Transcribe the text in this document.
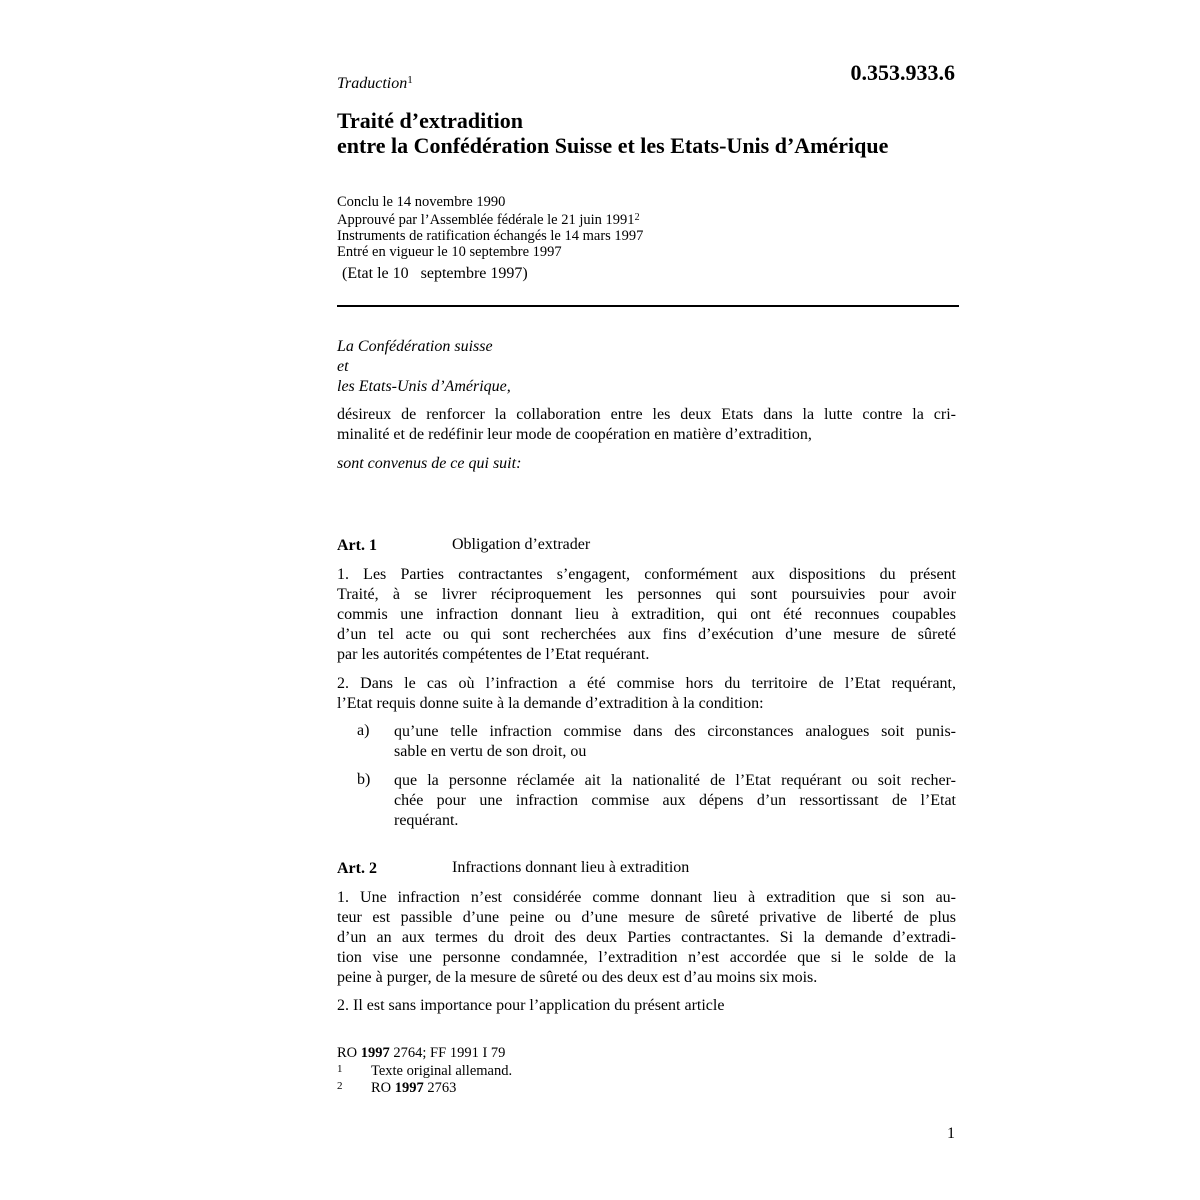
Traduction$^1$	0.353.933.6
Traité d’extradition
entre la Confédération Suisse et les Etats-Unis d’Amérique
Conclu le 14 novembre 1990
Approuvé par l’Assemblée fédérale le 21 juin 1991$^2$
Instruments de ratification échangés le 14 mars 1997
Entré en vigueur le 10 septembre 1997
(Etat le 10   septembre 1997)
La Confédération suisse
et
les Etats-Unis d’Amérique,
désireux de renforcer la collaboration entre les deux Etats dans la lutte contre la cri-
minalité et de redéfinir leur mode de coopération en matière d’extradition,
sont convenus de ce qui suit:
Art. 1	Obligation d’extrader
1. Les Parties contractantes s’engagent, conformément aux dispositions du présent
Traité, à se livrer réciproquement les personnes qui sont poursuivies pour avoir
commis une infraction donnant lieu à extradition, qui ont été reconnues coupables
d’un tel acte ou qui sont recherchées aux fins d’exécution d’une mesure de sûreté
par les autorités compétentes de l’Etat requérant.
2. Dans le cas où l’infraction a été commise hors du territoire de l’Etat requérant,
l’Etat requis donne suite à la demande d’extradition à la condition:
a) qu’une telle infraction commise dans des circonstances analogues soit punis-
sable en vertu de son droit, ou
b) que la personne réclamée ait la nationalité de l’Etat requérant ou soit recher-
chée pour une infraction commise aux dépens d’un ressortissant de l’Etat
requérant.
Art. 2	Infractions donnant lieu à extradition
1. Une infraction n’est considérée comme donnant lieu à extradition que si son au-
teur est passible d’une peine ou d’une mesure de sûreté privative de liberté de plus
d’un an aux termes du droit des deux Parties contractantes. Si la demande d’extradi-
tion vise une personne condamnée, l’extradition n’est accordée que si le solde de la
peine à purger, de la mesure de sûreté ou des deux est d’au moins six mois.
2. Il est sans importance pour l’application du présent article
RO 1997 2764; FF 1991 I 79
1 Texte original allemand.
2 RO 1997 2763
1
